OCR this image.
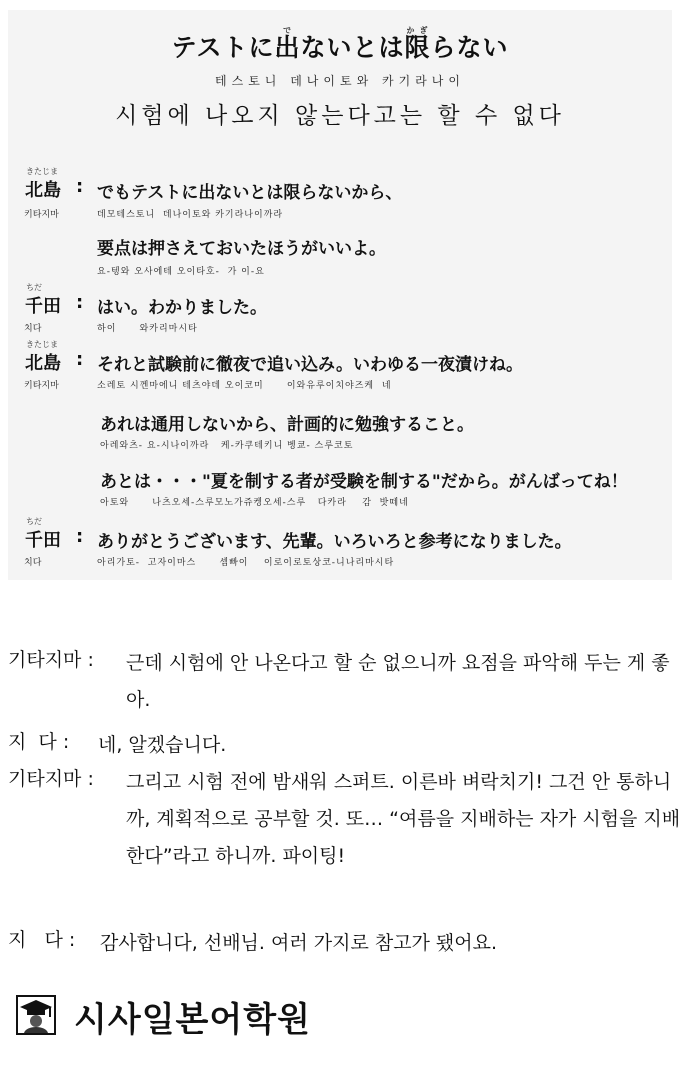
テストに出でないとは限かぎらない
테스토니 데나이토와 카기라나이
시험에 나오지 않는다고는 할 수 없다
きたじま
北島 : でもテストに出ないとは限らないから、
키타지마	데모테스토니  데나이토와 카기라나이까라
要点は押さえておいたほうがいいよ。
요-텡와 오사에테 오이타호-  가 이-요
ちだ
千田 : はい。わかりました。
치다	하이      와카리마시타
きたじま
北島 : それと試験前に徹夜で追い込み。いわゆる一夜漬けね。
키타지마	소레토 시껜마에니 테츠야데 오이코미      이와유루이치야즈케  네
あれは通用しないから、計画的に勉強すること。
아레와츠- 요-시나이까라   케-카쿠테키니 벵쿄- 스루코토
あとは・・・"夏を制する者が受験を制する"だから。がんばってね！
아토와      나츠오세-스루모노가쥬켕오세-스루   다카라    감  밧떼네
ちだ
千田 : ありがとうございます、先輩。いろいろと参考になりました。
치다	아리가토-  고자이마스      셈빠이    이로이로토상코-니나리마시타
기타지마 : 근데 시험에 안 나온다고 할 순 없으니까 요점을 파악해 두는 게 좋아.
지  다 : 네, 알겠습니다.
기타지마 : 그리고 시험 전에 밤새워 스퍼트. 이른바 벼락치기! 그건 안 통하니까, 계획적으로 공부할 것. 또… “여름을 지배하는 자가 시험을 지배한다”라고 하니까. 파이팅!
지   다 : 감사합니다, 선배님. 여러 가지로 참고가 됐어요.
시사일본어학원
